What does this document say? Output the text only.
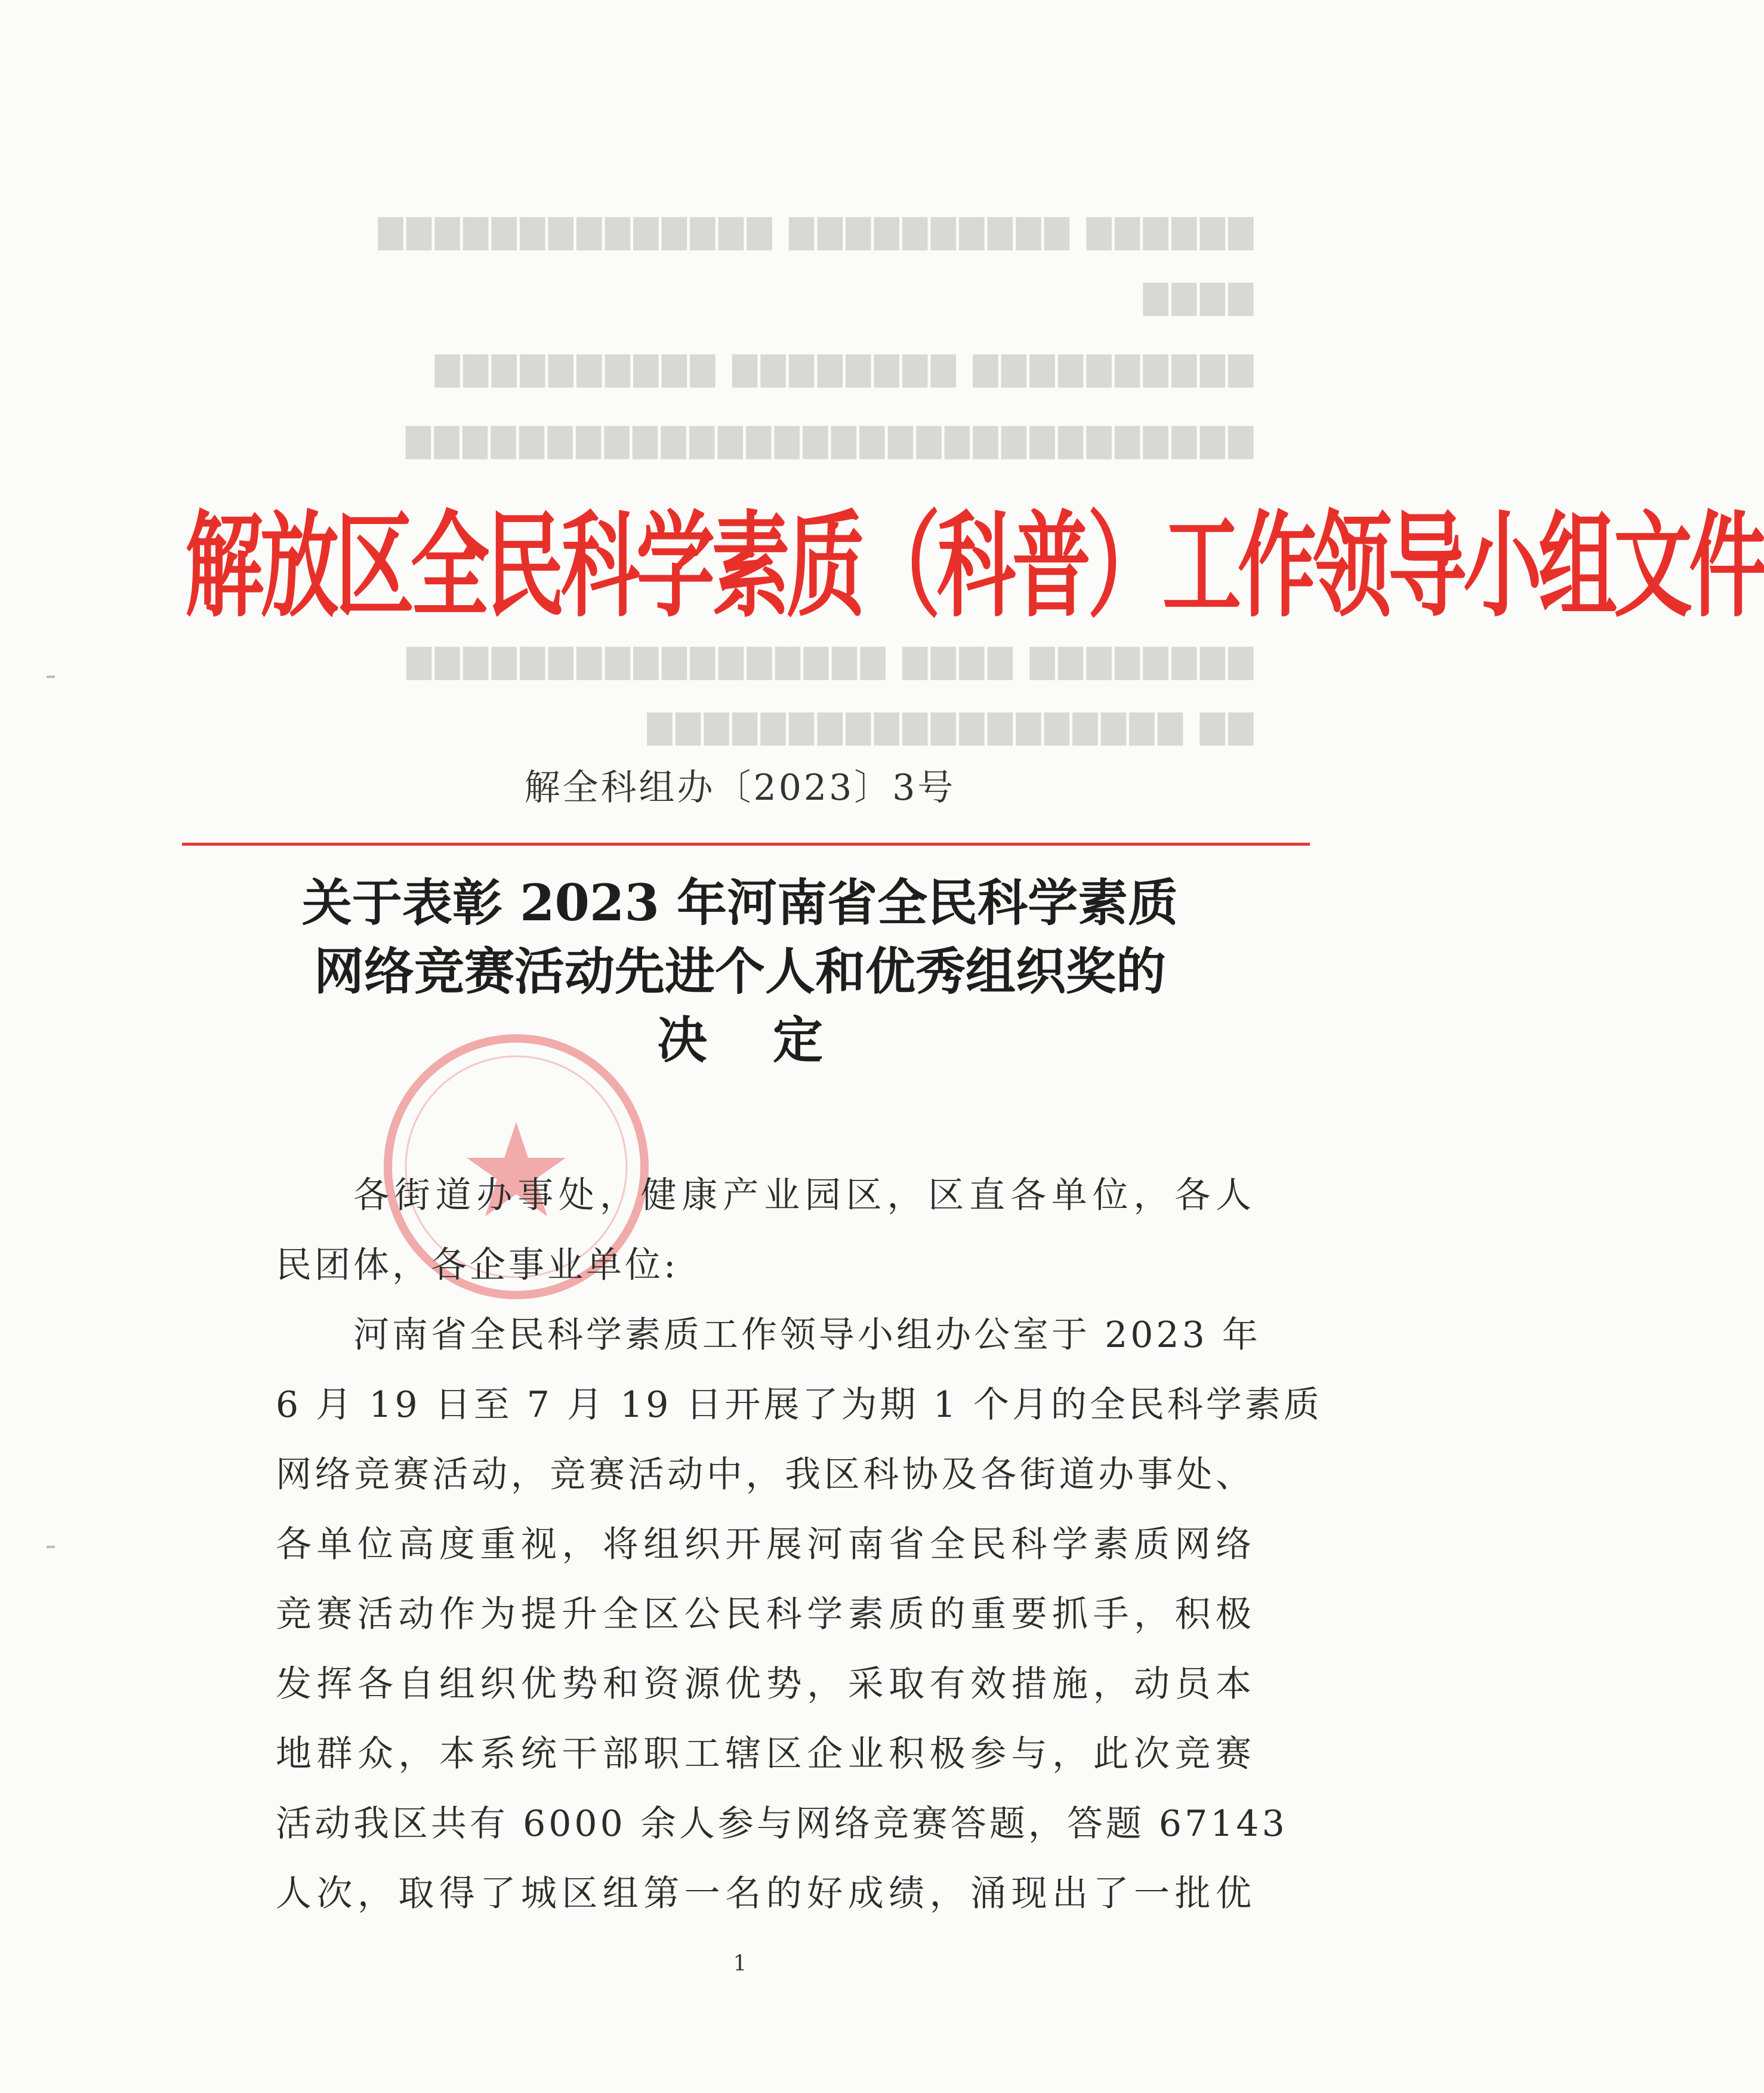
▇▇▇▇▇▇ ▇▇▇▇▇▇▇▇▇▇ ▇▇▇▇▇▇▇▇▇▇▇▇▇▇
▇▇▇▇
▇▇▇▇▇▇▇▇▇▇ ▇▇▇▇▇▇▇▇ ▇▇▇▇▇▇▇▇▇▇
▇▇▇▇▇▇▇▇▇▇▇▇▇▇▇▇▇▇▇▇▇▇▇▇▇▇▇▇▇▇
▇▇▇▇▇▇▇▇ ▇▇▇▇ ▇▇▇▇▇▇▇▇▇▇▇▇▇▇▇▇▇
▇▇ ▇▇▇▇▇▇▇▇▇▇▇▇▇▇▇▇▇▇▇
解放区全民科学素质（科普）工作领导小组文件
解全科组办〔2023〕3号
关于表彰 2023 年河南省全民科学素质
网络竞赛活动先进个人和优秀组织奖的
决定
各街道办事处，健康产业园区，区直各单位，各人
民团体，各企事业单位:
河南省全民科学素质工作领导小组办公室于 2023 年
6 月 19 日至 7 月 19 日开展了为期 1 个月的全民科学素质
网络竞赛活动，竞赛活动中，我区科协及各街道办事处、
各单位高度重视，将组织开展河南省全民科学素质网络
竞赛活动作为提升全区公民科学素质的重要抓手，积极
发挥各自组织优势和资源优势，采取有效措施，动员本
地群众，本系统干部职工辖区企业积极参与，此次竞赛
活动我区共有 6000 余人参与网络竞赛答题，答题 67143
人次，取得了城区组第一名的好成绩，涌现出了一批优
1
